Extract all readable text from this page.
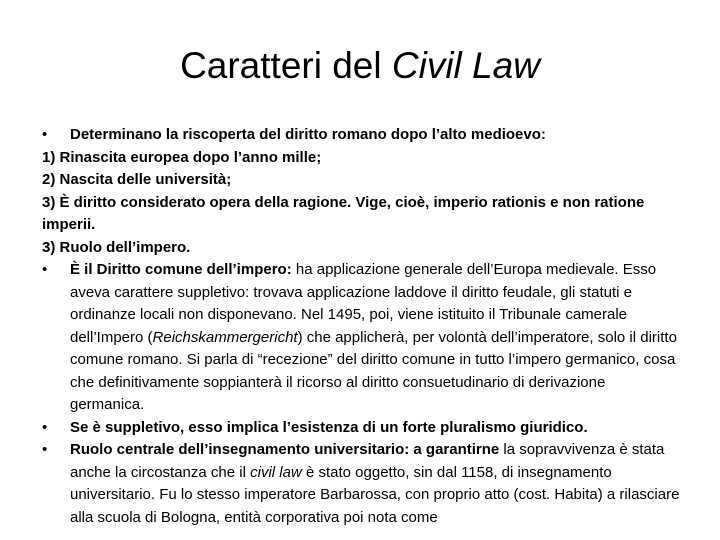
Caratteri del Civil Law

• Determinano la riscoperta del diritto romano dopo l’alto medioevo:

1) Rinascita europea dopo l’anno mille;

2) Nascita delle università;

3) È diritto considerato opera della ragione. Vige, cioè, imperio rationis e non ratione imperii.

3) Ruolo dell’impero.

• È il Diritto comune dell’impero: ha applicazione generale dell’Europa medievale. Esso aveva carattere suppletivo: trovava applicazione laddove il diritto feudale, gli statuti e ordinanze locali non disponevano. Nel 1495, poi, viene istituito il Tribunale camerale dell’Impero (Reichskammergericht) che applicherà, per volontà dell’imperatore, solo il diritto comune romano. Si parla di “recezione” del diritto comune in tutto l’impero germanico, cosa che definitivamente soppianterà il ricorso al diritto consuetudinario di derivazione germanica.

• Se è suppletivo, esso implica l’esistenza di un forte pluralismo giuridico.

• Ruolo centrale dell’insegnamento universitario: a garantirne la sopravvivenza è stata anche la circostanza che il civil law è stato oggetto, sin dal 1158, di insegnamento universitario. Fu lo stesso imperatore Barbarossa, con proprio atto (cost. Habita) a rilasciare alla scuola di Bologna, entità corporativa poi nota come
